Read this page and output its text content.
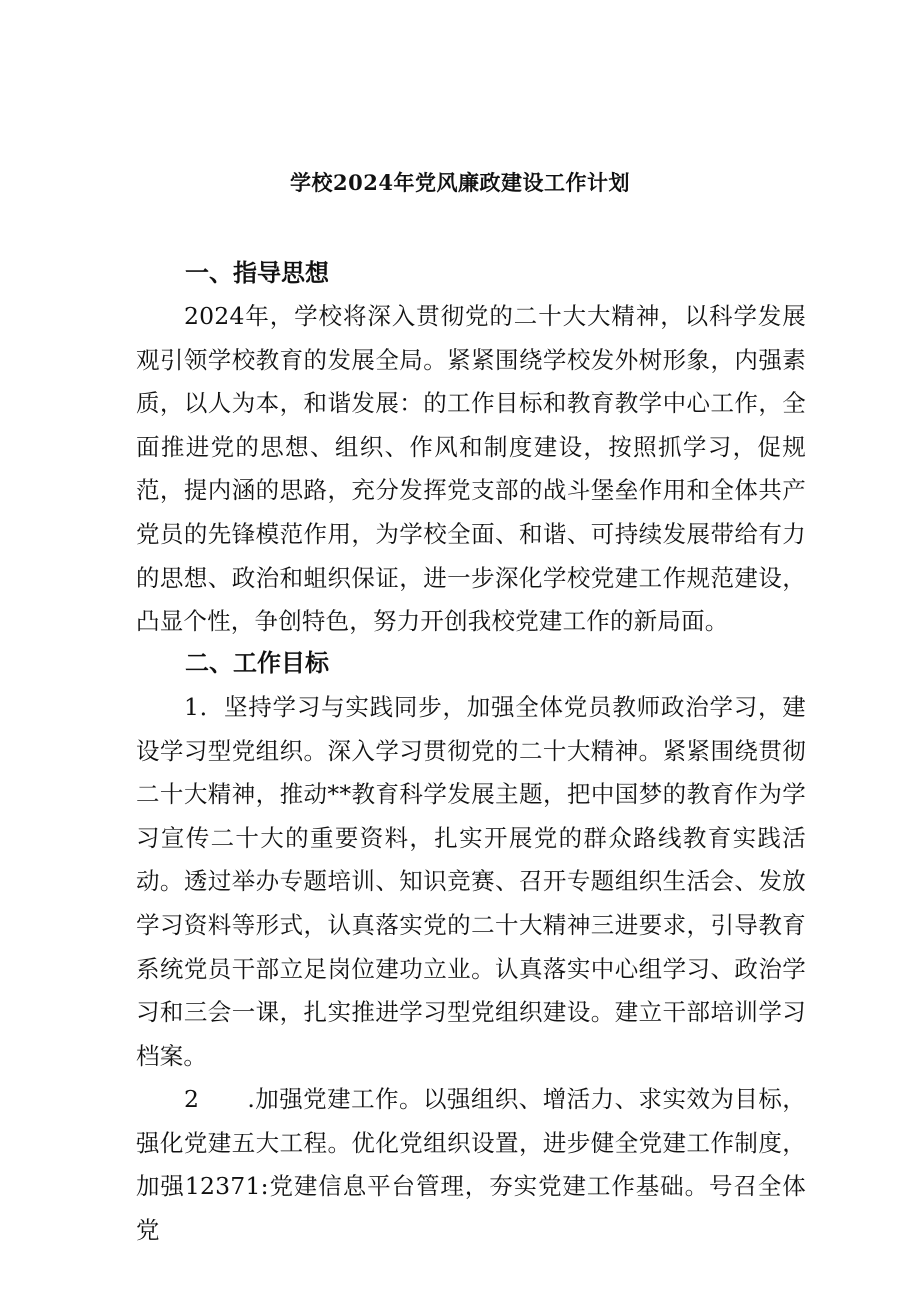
学校2024年党风廉政建设工作计划
一、指导思想

2024年，学校将深入贯彻党的二十大大精神，以科学发展观引领学校教育的发展全局。紧紧围绕学校发外树形象，内强素质，以人为本，和谐发展：的工作目标和教育教学中心工作，全面推进党的思想、组织、作风和制度建设，按照抓学习，促规范，提内涵的思路，充分发挥党支部的战斗堡垒作用和全体共产党员的先锋模范作用，为学校全面、和谐、可持续发展带给有力的思想、政治和蛆织保证，进一步深化学校党建工作规范建设，凸显个性，争创特色，努力开创我校党建工作的新局面。

二、工作目标

1．坚持学习与实践同步，加强全体党员教师政治学习，建设学习型党组织。深入学习贯彻党的二十大精神。紧紧围绕贯彻二十大精神，推动**教育科学发展主题，把中国梦的教育作为学习宣传二十大的重要资料，扎实开展党的群众路线教育实践活动。透过举办专题培训、知识竞赛、召开专题组织生活会、发放学习资料等形式，认真落实党的二十大精神三进要求，引导教育系统党员干部立足岗位建功立业。认真落实中心组学习、政治学习和三会一课，扎实推进学习型党组织建设。建立干部培训学习档案。

2　　.加强党建工作。以强组织、增活力、求实效为目标，强化党建五大工程。优化党组织设置，进步健全党建工作制度，加强12371:党建信息平台管理，夯实党建工作基础。号召全体党
